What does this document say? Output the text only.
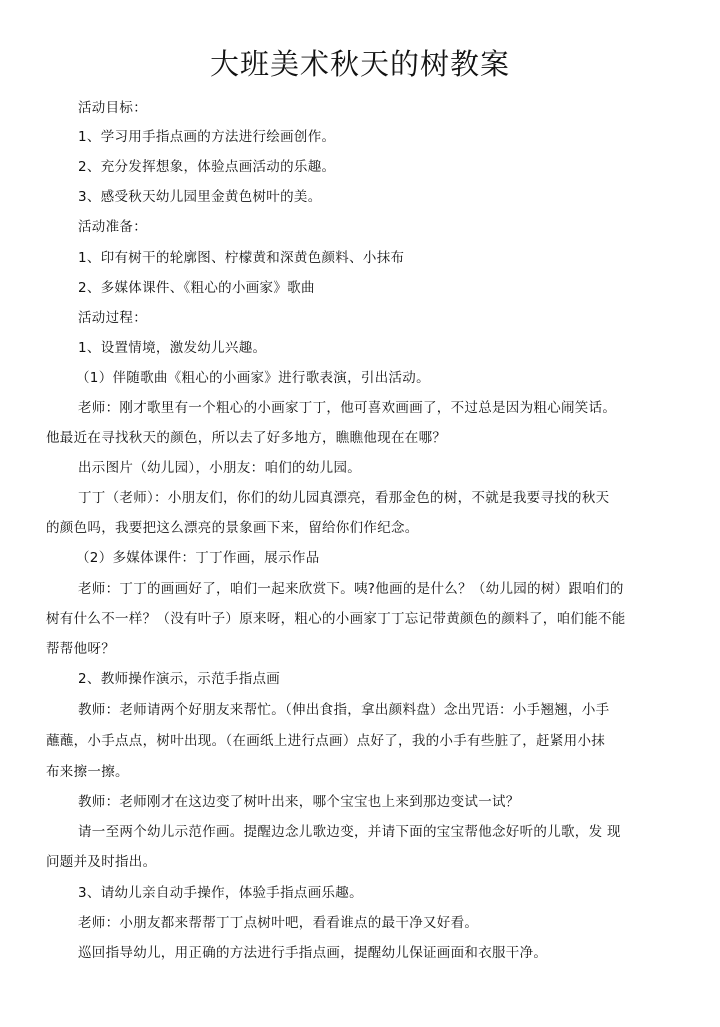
大班美术秋天的树教案
活动目标：
1、学习用手指点画的方法进行绘画创作。
2、充分发挥想象，体验点画活动的乐趣。
3、感受秋天幼儿园里金黄色树叶的美。
活动准备：
1、印有树干的轮廓图、柠檬黄和深黄色颜料、小抹布
2、多媒体课件、《粗心的小画家》歌曲
活动过程：
1、设置情境，激发幼儿兴趣。
（1）伴随歌曲《粗心的小画家》进行歌表演，引出活动。
老师：刚才歌里有一个粗心的小画家丁丁，他可喜欢画画了，不过总是因为粗心闹笑话。
他最近在寻找秋天的颜色，所以去了好多地方，瞧瞧他现在在哪？
出示图片（幼儿园），小朋友：咱们的幼儿园。
丁丁（老师）：小朋友们，你们的幼儿园真漂亮，看那金色的树，不就是我要寻找的秋天
的颜色吗，我要把这么漂亮的景象画下来，留给你们作纪念。
（2）多媒体课件：丁丁作画，展示作品
老师：丁丁的画画好了，咱们一起来欣赏下。咦?他画的是什么？（幼儿园的树）跟咱们的
树有什么不一样？（没有叶子）原来呀，粗心的小画家丁丁忘记带黄颜色的颜料了，咱们能不能
帮帮他呀？
2、教师操作演示，示范手指点画
教师：老师请两个好朋友来帮忙。（伸出食指，拿出颜料盘）念出咒语：小手翘翘，小手
蘸蘸，小手点点，树叶出现。（在画纸上进行点画）点好了，我的小手有些脏了，赶紧用小抹
布来擦一擦。
教师：老师刚才在这边变了树叶出来，哪个宝宝也上来到那边变试一试？
请一至两个幼儿示范作画。提醒边念儿歌边变，并请下面的宝宝帮他念好听的儿歌，发 现
问题并及时指出。
3、请幼儿亲自动手操作，体验手指点画乐趣。
老师：小朋友都来帮帮丁丁点树叶吧，看看谁点的最干净又好看。
巡回指导幼儿，用正确的方法进行手指点画，提醒幼儿保证画面和衣服干净。
